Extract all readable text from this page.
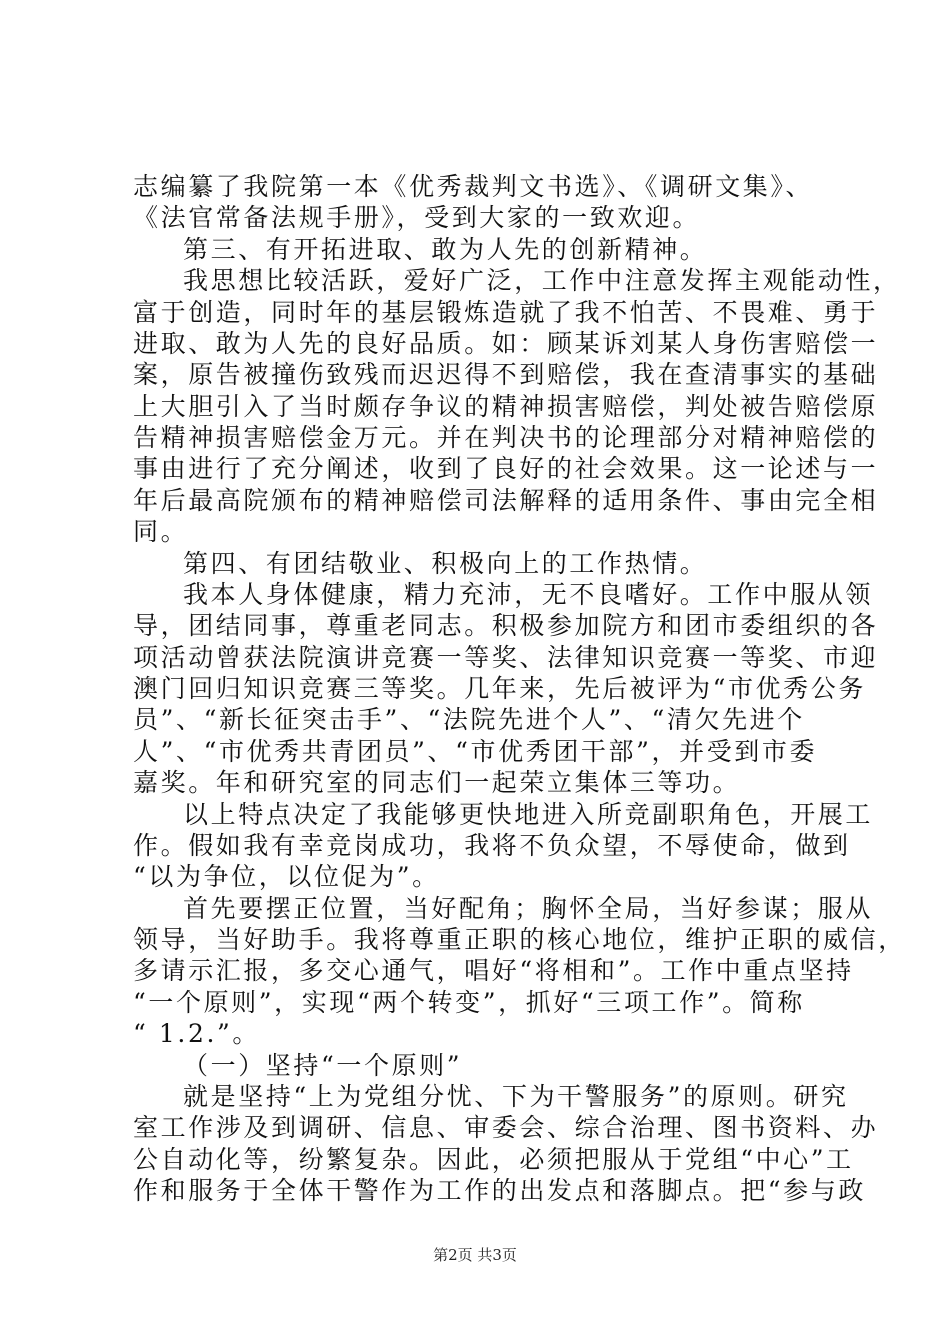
志编纂了我院第一本《优秀裁判文书选》、《调研文集》、
《法官常备法规手册》，受到大家的一致欢迎。
第三、有开拓进取、敢为人先的创新精神。
我思想比较活跃，爱好广泛，工作中注意发挥主观能动性，
富于创造，同时年的基层锻炼造就了我不怕苦、不畏难、勇于
进取、敢为人先的良好品质。如：顾某诉刘某人身伤害赔偿一
案，原告被撞伤致残而迟迟得不到赔偿，我在查清事实的基础
上大胆引入了当时颇存争议的精神损害赔偿，判处被告赔偿原
告精神损害赔偿金万元。并在判决书的论理部分对精神赔偿的
事由进行了充分阐述，收到了良好的社会效果。这一论述与一
年后最高院颁布的精神赔偿司法解释的适用条件、事由完全相
同。
第四、有团结敬业、积极向上的工作热情。
我本人身体健康，精力充沛，无不良嗜好。工作中服从领
导，团结同事，尊重老同志。积极参加院方和团市委组织的各
项活动曾获法院演讲竞赛一等奖、法律知识竞赛一等奖、市迎
澳门回归知识竞赛三等奖。几年来，先后被评为“市优秀公务
员”、“新长征突击手”、“法院先进个人”、“清欠先进个
人”、“市优秀共青团员”、“市优秀团干部”，并受到市委
嘉奖。年和研究室的同志们一起荣立集体三等功。
以上特点决定了我能够更快地进入所竞副职角色，开展工
作。假如我有幸竞岗成功，我将不负众望，不辱使命，做到
“以为争位，以位促为”。
首先要摆正位置，当好配角；胸怀全局，当好参谋；服从
领导，当好助手。我将尊重正职的核心地位，维护正职的威信，
多请示汇报，多交心通气，唱好“将相和”。工作中重点坚持
“一个原则”，实现“两个转变”，抓好“三项工作”。简称
“ 1.2.”。
（一）坚持“一个原则”
就是坚持“上为党组分忧、下为干警服务”的原则。研究
室工作涉及到调研、信息、审委会、综合治理、图书资料、办
公自动化等，纷繁复杂。因此，必须把服从于党组“中心”工
作和服务于全体干警作为工作的出发点和落脚点。把“参与政
第2页 共3页
